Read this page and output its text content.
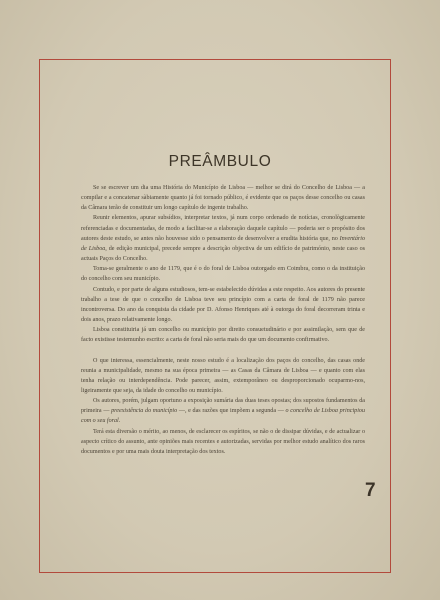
PREÂMBULO

Se se escrever um dia uma História do Município de Lisboa — melhor se dirá do Concelho de Lisboa — a compilar e a concatenar sàbiamente quanto já foi tornado público, é evidente que os paços desse concelho ou casas da Câmara terão de constituir um longo capítulo de ingente trabalho.

Reunir elementos, apurar subsídios, interpretar textos, já num corpo ordenado de notícias, cronològicamente referenciadas e documentadas, de modo a facilitar-se a elaboração daquele capítulo — poderia ser o propósito dos autores deste estudo, se antes não houvesse sido o pensamento de desenvolver a erudita história que, no Inventário de Lisboa, de edição municipal, precede sempre a descrição objectiva de um edifício de património, neste caso os actuais Paços do Concelho.

Toma-se geralmente o ano de 1179, que é o do foral de Lisboa outorgado em Coimbra, como o da instituição do concelho com seu município.

Contudo, e por parte de alguns estudiosos, tem-se estabelecido dúvidas a este respeito. Aos autores do presente trabalho a tese de que o concelho de Lisboa teve seu princípio com a carta de foral de 1179 não parece incontroversa. Do ano da conquista da cidade por D. Afonso Henriques até à outorga do foral decorreram trinta e dois anos, prazo relativamente longo.

Lisboa constituiria já um concelho ou município por direito consuetudinário e por assimilação, sem que de facto existisse testemunho escrito: a carta de foral não seria mais do que um documento confirmativo.

O que interessa, essencialmente, neste nosso estudo é a localização dos paços do concelho, das casas onde reunia a municipalidade, mesmo na sua época primeira — as Casas da Câmara de Lisboa — e quanto com elas tenha relação ou interdependência. Pode parecer, assim, extemporâneo ou desproporcionado ocuparmo-nos, ligeiramente que seja, da idade do concelho ou município.

Os autores, porém, julgam oportuno a exposição sumária das duas teses opostas; dos supostos fundamentos da primeira — preexistência do município —, e das razões que impõem a segunda — o concelho de Lisboa principiou com o seu foral.

Terá esta diversão o mérito, ao menos, de esclarecer os espíritos, se não o de dissipar dúvidas, e de actualizar o aspecto crítico do assunto, ante opiniões mais recentes e autorizadas, servidas por melhor estudo analítico dos raros documentos e por uma mais douta interpretação dos textos.

7
